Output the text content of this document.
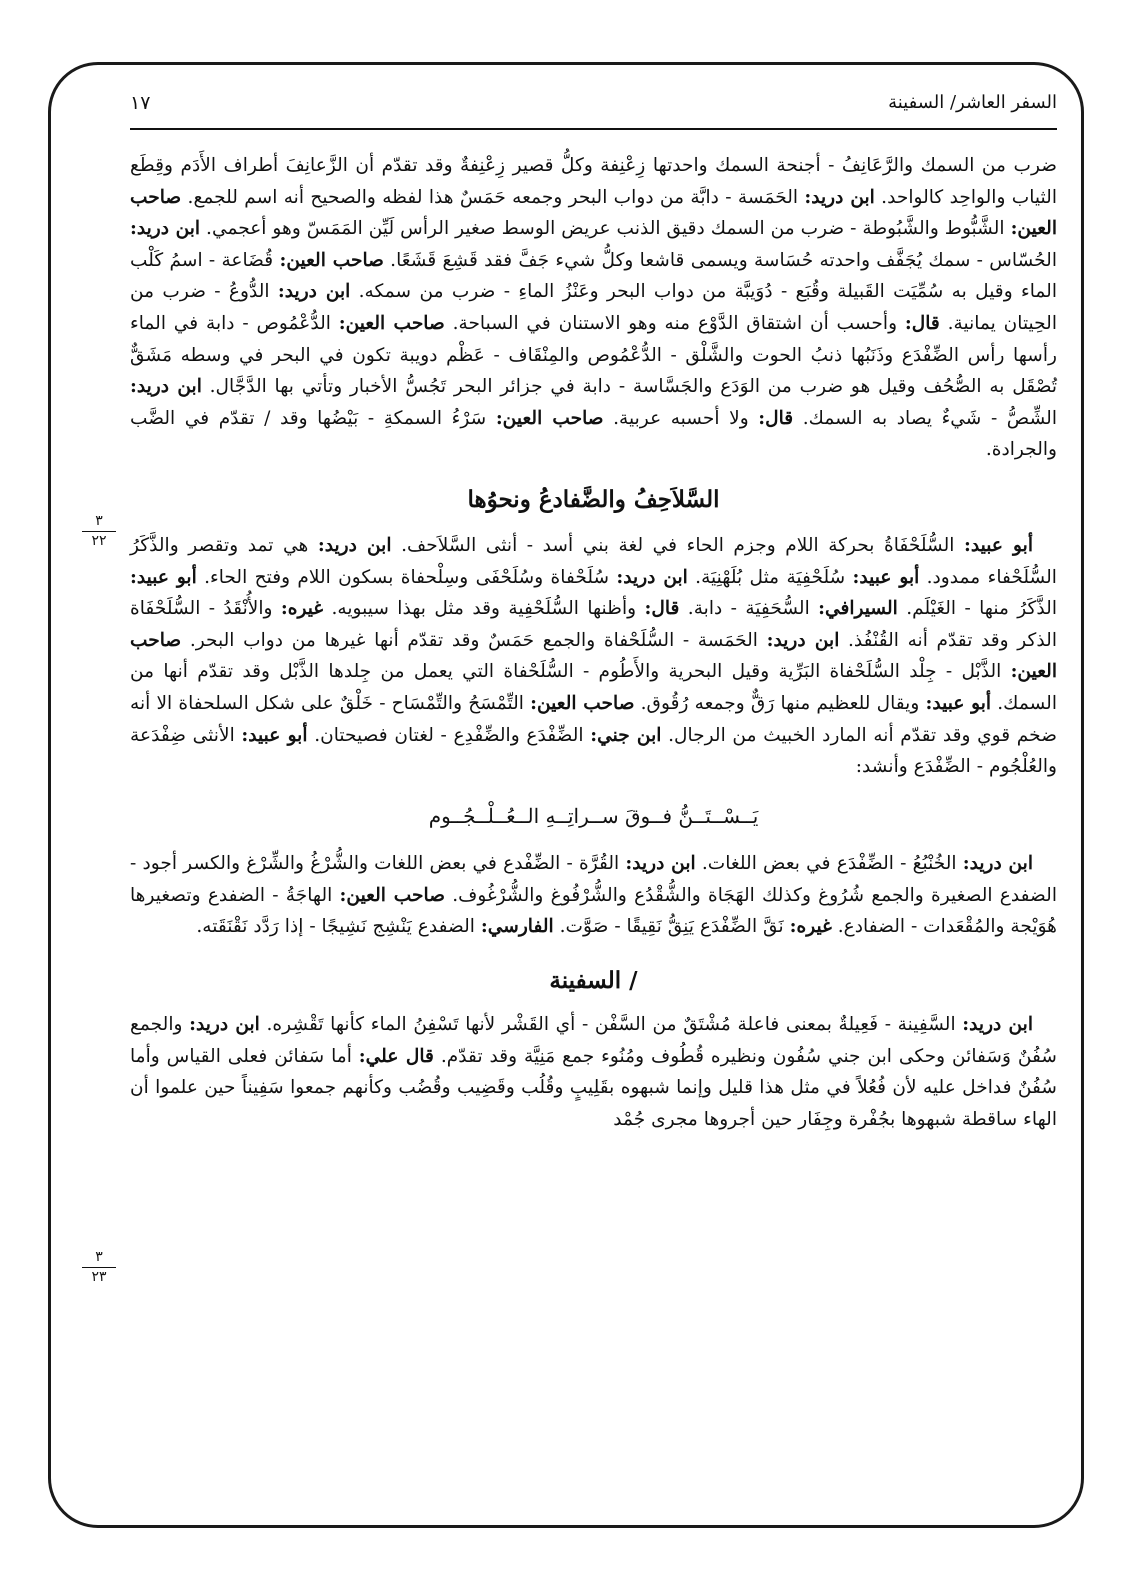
السفر العاشر/ السفينة
١٧
٣
٢٢
٣
٢٣

ضرب من السمك والرَّعَانِفُ - أجنحة السمك واحدتها زِعْنِفة وكلُّ قصير زِعْنِفةٌ وقد تقدّم أن الزَّعانِفَ أطراف الأَدَم وقِطَع الثياب والواحِد كالواحد. ابن دريد: الحَمَسة - دابَّة من دواب البحر وجمعه حَمَسٌ هذا لفظه والصحيح أنه اسم للجمع. صاحب العين: الشَّبُّوط والشَّبُوطة - ضرب من السمك دقيق الذنب عريض الوسط صغير الرأس لَيِّن المَمَسّ وهو أعجمي. ابن دريد: الحُسّاس - سمك يُجَفَّف واحدته حُسَاسة ويسمى قاشعا وكلُّ شيء جَفَّ فقد قَشِعَ قَشَعًا. صاحب العين: قُضَاعة - اسمُ كَلْب الماء وقيل به سُمِّيَت القَبيلة وقُبَع - دُوَيبَّة من دواب البحر وعَنْزُ الماءِ - ضرب من سمكه. ابن دريد: الدُّوعُ - ضرب من الحِيتان يمانية. قال: وأحسب أن اشتقاق الدَّوْع منه وهو الاستنان في السباحة. صاحب العين: الدُّعْمُوص - دابة في الماء رأسها رأس الضِّفْدَع وذَنَبُها ذنبُ الحوت والشَّلْق - الدُّعْمُوص والمِنْقَاف - عَظْم دويبة تكون في البحر في وسطه مَشَقٌّ تُصْقَل به الصُّحُف وقيل هو ضرب من الوَدَع والجَسَّاسة - دابة في جزائر البحر تَجُسُّ الأخبار وتأتي بها الدَّجَّال. ابن دريد: الشِّصُّ - شَيءٌ يصاد به السمك. قال: ولا أحسبه عربية. صاحب العين: سَرْءُ السمكةِ - بَيْضُها وقد / تقدّم في الضَّب والجرادة.

السَّلاَحِفُ والضَّفادعُ ونحوُها

أبو عبيد: السُّلَحْفَاةُ بحركة اللام وجزم الحاء في لغة بني أسد - أنثى السَّلاَحف. ابن دريد: هي تمد وتقصر والذَّكَرُ السُّلَحْفاء ممدود. أبو عبيد: سُلَحْفِيَة مثل بُلَهْنِيَة. ابن دريد: سُلَحْفاة وسُلَحْفَى وسِلْحفاة بسكون اللام وفتح الحاء. أبو عبيد: الذَّكَرُ منها - الغَيْلَم. السيرافي: السُّحَفِيَة - دابة. قال: وأظنها السُّلَحْفِية وقد مثل بهذا سيبويه. غيره: والأُنْقَدُ - السُّلَحْفَاة الذكر وقد تقدّم أنه القُنْفُذ. ابن دريد: الحَمَسة - السُّلَحْفاة والجمع حَمَسٌ وقد تقدّم أنها غيرها من دواب البحر. صاحب العين: الذَّبْل - جِلْد السُّلَحْفاة البَرِّية وقيل البحرية والأَطُوم - السُّلَحْفاة التي يعمل من جِلدها الذَّبْل وقد تقدّم أنها من السمك. أبو عبيد: ويقال للعظيم منها رَقٌّ وجمعه رُقُوق. صاحب العين: التِّمْسَحُ والتِّمْسَاح - خَلْقٌ على شكل السلحفاة الا أنه ضخم قوي وقد تقدّم أنه المارد الخبيث من الرجال. ابن جني: الضِّفْدَع والضِّفْدِع - لغتان فصيحتان. أبو عبيد: الأنثى ضِفْدَعة والعُلْجُوم - الضِّفْدَع وأنشد:

يَــسْــتَــنُّ فــوقَ ســراتِــهِ الــعُــلْــجُــوم

ابن دريد: الخُنْبُعُ - الضِّفْدَع في بعض اللغات. ابن دريد: القُرَّة - الضِّفْدع في بعض اللغات والشُّرْغُ والشِّرْغ والكسر أجود - الضفدع الصغيرة والجمع شُرُوغ وكذلك الهَجَاة والشُّقْدُع والشُّرْفُوغ والشُّرْغُوف. صاحب العين: الهاجَةُ - الضفدع وتصغيرها هُوَيْجة والمُقْعَدات - الضفادع. غيره: نَقَّ الضِّفْدَع يَنِقُّ نَقِيقًا - صَوَّت. الفارسي: الضفدع يَنْشِج نَشِيجًا - إذا رَدَّد نَقْنَقَته.

/ السفينة

ابن دريد: السَّفِينة - فَعِيلةٌ بمعنى فاعلة مُشْتَقٌ من السَّفْن - أي القَشْر لأنها تَسْفِنُ الماء كأنها تَقْشِره. ابن دريد: والجمع سُفُنٌ وَسَفائن وحكى ابن جني سُفُون ونظيره قُطُوف ومُنُوء جمع مَنِيَّة وقد تقدّم. قال علي: أما سَفائن فعلى القياس وأما سُفُنٌ فداخل عليه لأن فُعُلاً في مثل هذا قليل وإنما شبهوه بقَلِيبٍ وقُلُب وقَضِيب وقُضُب وكأنهم جمعوا سَفِيناً حين علموا أن الهاء ساقطة شبهوها بجُفْرة وجِفَار حين أجروها مجرى جُمْد
